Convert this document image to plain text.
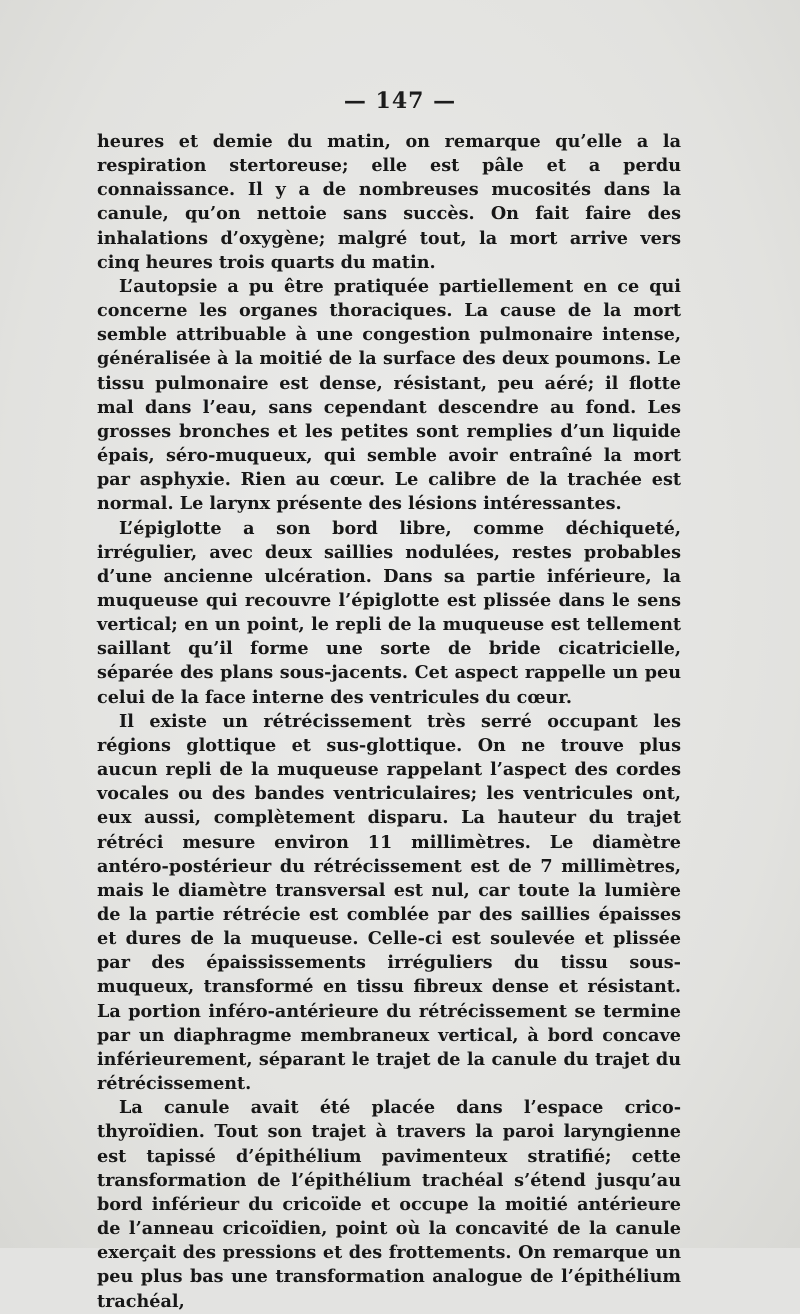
— 147 —

heures et demie du matin, on remarque qu’elle a la respiration stertoreuse; elle est pâle et a perdu connaissance. Il y a de nombreuses mucosités dans la canule, qu’on nettoie sans succès. On fait faire des inhalations d’oxygène; malgré tout, la mort arrive vers cinq heures trois quarts du matin.

L’autopsie a pu être pratiquée partiellement en ce qui concerne les organes thoraciques. La cause de la mort semble attribuable à une congestion pulmonaire intense, généralisée à la moitié de la surface des deux poumons. Le tissu pulmonaire est dense, résistant, peu aéré; il flotte mal dans l’eau, sans cependant descendre au fond. Les grosses bronches et les petites sont remplies d’un liquide épais, séro-muqueux, qui semble avoir entraîné la mort par asphyxie. Rien au cœur. Le calibre de la trachée est normal. Le larynx présente des lésions intéressantes.

L’épiglotte a son bord libre, comme déchiqueté, irrégulier, avec deux saillies nodulées, restes probables d’une ancienne ulcération. Dans sa partie inférieure, la muqueuse qui recouvre l’épiglotte est plissée dans le sens vertical; en un point, le repli de la muqueuse est tellement saillant qu’il forme une sorte de bride cicatricielle, séparée des plans sous-jacents. Cet aspect rappelle un peu celui de la face interne des ventricules du cœur.

Il existe un rétrécissement très serré occupant les régions glottique et sus-glottique. On ne trouve plus aucun repli de la muqueuse rappelant l’aspect des cordes vocales ou des bandes ventriculaires; les ventricules ont, eux aussi, complètement disparu. La hauteur du trajet rétréci mesure environ 11 millimètres. Le diamètre antéro-postérieur du rétrécissement est de 7 millimètres, mais le diamètre transversal est nul, car toute la lumière de la partie rétrécie est comblée par des saillies épaisses et dures de la muqueuse. Celle-ci est soulevée et plissée par des épaississements irréguliers du tissu sous-muqueux, transformé en tissu fibreux dense et résistant. La portion inféro-antérieure du rétrécissement se termine par un diaphragme membraneux vertical, à bord concave inférieurement, séparant le trajet de la canule du trajet du rétrécissement.

La canule avait été placée dans l’espace crico-thyroïdien. Tout son trajet à travers la paroi laryngienne est tapissé d’épithélium pavimenteux stratifié; cette transformation de l’épithélium trachéal s’étend jusqu’au bord inférieur du cricoïde et occupe la moitié antérieure de l’anneau cricoïdien, point où la concavité de la canule exerçait des pressions et des frottements. On remarque un peu plus bas une transformation analogue de l’épithélium trachéal,
